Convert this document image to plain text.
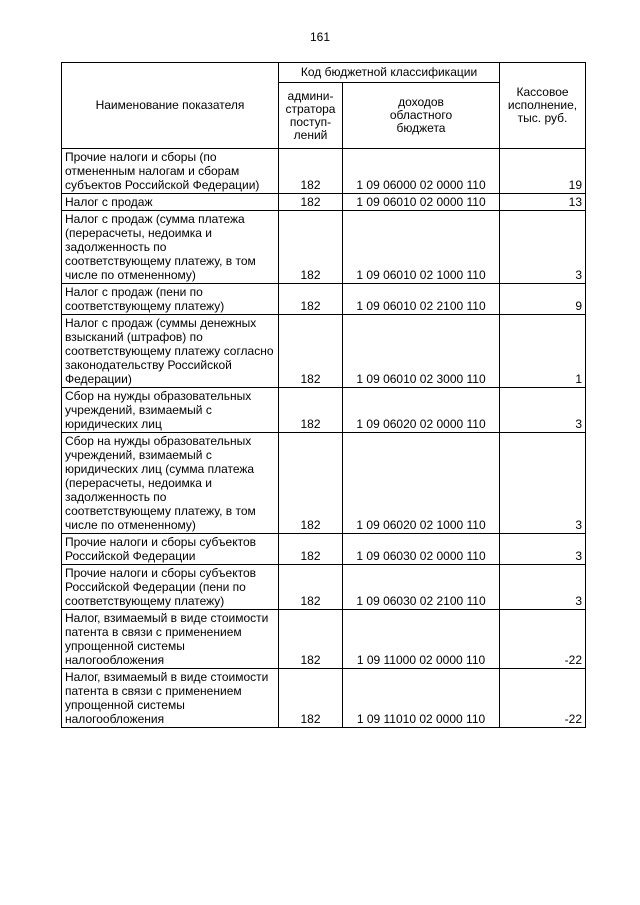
161
Наименование показателя	Код бюджетной классификации		Кассовое
исполнение,
тыс. руб.
	админи-
стратора
поступ-
лений	доходов
областного
бюджета	
Прочие налоги и сборы (по отмененным налогам и сборам субъектов Российской Федерации)	182	1 09 06000 02 0000 110	19
Налог с продаж	182	1 09 06010 02 0000 110	13
Налог с продаж (сумма платежа (перерасчеты, недоимка и задолженность по соответствующему платежу, в том числе по отмененному)	182	1 09 06010 02 1000 110	3
Налог с продаж (пени по соответствующему платежу)	182	1 09 06010 02 2100 110	9
Налог с продаж (суммы денежных взысканий (штрафов) по соответствующему платежу согласно законодательству Российской Федерации)	182	1 09 06010 02 3000 110	1
Сбор на нужды образовательных учреждений, взимаемый с юридических лиц	182	1 09 06020 02 0000 110	3
Сбор на нужды образовательных учреждений, взимаемый с юридических лиц (сумма платежа (перерасчеты, недоимка и задолженность по соответствующему платежу, в том числе по отмененному)	182	1 09 06020 02 1000 110	3
Прочие налоги и сборы субъектов Российской Федерации	182	1 09 06030 02 0000 110	3
Прочие налоги и сборы субъектов Российской Федерации (пени по соответствующему платежу)	182	1 09 06030 02 2100 110	3
Налог, взимаемый в виде стоимости патента в связи с применением упрощенной системы налогообложения	182	1 09 11000 02 0000 110	-22
Налог, взимаемый в виде стоимости патента в связи с применением упрощенной системы налогообложения	182	1 09 11010 02 0000 110	-22
